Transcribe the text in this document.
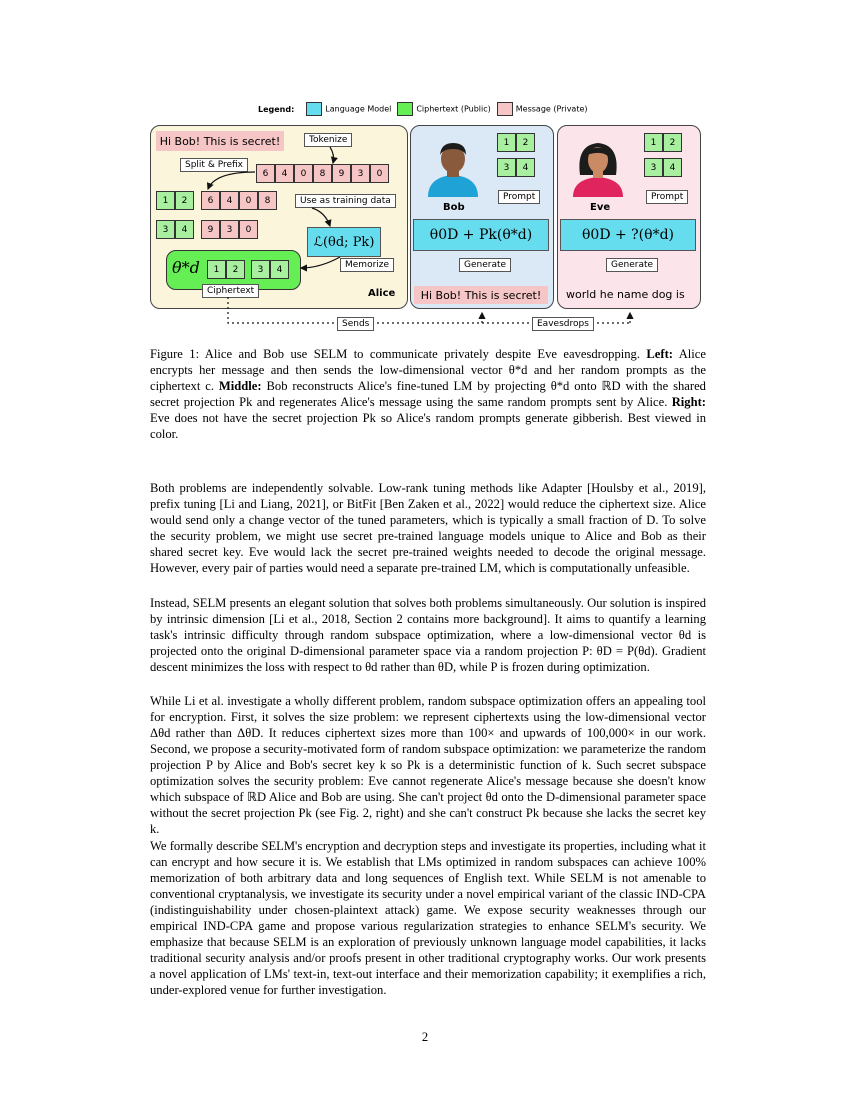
Legend:	Language Model	Ciphertext (Public)	Message (Private)
Hi Bob! This is secret!	Tokenize
Split & Prefix
6	4	0	8	9	3	0
1	2	6	4	0	8
3	4	9	3	0
Use as training data
ℒ(θd; Pk)
Memorize
θ*d	1	2	3	4
Ciphertext	Alice
Bob
1	2
3	4
Prompt
θ0D + Pk(θ*d)
Generate
Hi Bob! This is secret!
Eve
1	2
3	4
Prompt
θ0D + ?(θ*d)
Generate
world he name dog is
Sends	Eavesdrops
Figure 1: Alice and Bob use SELM to communicate privately despite Eve eavesdropping. Left: Alice encrypts her message and then sends the low-dimensional vector θ*d and her random prompts as the ciphertext c. Middle: Bob reconstructs Alice's fine-tuned LM by projecting θ*d onto ℝD with the shared secret projection Pk and regenerates Alice's message using the same random prompts sent by Alice. Right: Eve does not have the secret projection Pk so Alice's random prompts generate gibberish. Best viewed in color.

Both problems are independently solvable. Low-rank tuning methods like Adapter [Houlsby et al., 2019], prefix tuning [Li and Liang, 2021], or BitFit [Ben Zaken et al., 2022] would reduce the ciphertext size. Alice would send only a change vector of the tuned parameters, which is typically a small fraction of D. To solve the security problem, we might use secret pre-trained language models unique to Alice and Bob as their shared secret key. Eve would lack the secret pre-trained weights needed to decode the original message. However, every pair of parties would need a separate pre-trained LM, which is computationally unfeasible.

Instead, SELM presents an elegant solution that solves both problems simultaneously. Our solution is inspired by intrinsic dimension [Li et al., 2018, Section 2 contains more background]. It aims to quantify a learning task's intrinsic difficulty through random subspace optimization, where a low-dimensional vector θd is projected onto the original D-dimensional parameter space via a random projection P: θD = P(θd). Gradient descent minimizes the loss with respect to θd rather than θD, while P is frozen during optimization.

While Li et al. investigate a wholly different problem, random subspace optimization offers an appealing tool for encryption. First, it solves the size problem: we represent ciphertexts using the low-dimensional vector Δθd rather than ΔθD. It reduces ciphertext sizes more than 100× and upwards of 100,000× in our work. Second, we propose a security-motivated form of random subspace optimization: we parameterize the random projection P by Alice and Bob's secret key k so Pk is a deterministic function of k. Such secret subspace optimization solves the security problem: Eve cannot regenerate Alice's message because she doesn't know which subspace of ℝD Alice and Bob are using. She can't project θd onto the D-dimensional parameter space without the secret projection Pk (see Fig. 2, right) and she can't construct Pk because she lacks the secret key k.

We formally describe SELM's encryption and decryption steps and investigate its properties, including what it can encrypt and how secure it is. We establish that LMs optimized in random subspaces can achieve 100% memorization of both arbitrary data and long sequences of English text. While SELM is not amenable to conventional cryptanalysis, we investigate its security under a novel empirical variant of the classic IND-CPA (indistinguishability under chosen-plaintext attack) game. We expose security weaknesses through our empirical IND-CPA game and propose various regularization strategies to enhance SELM's security. We emphasize that because SELM is an exploration of previously unknown language model capabilities, it lacks traditional security analysis and/or proofs present in other traditional cryptography works. Our work presents a novel application of LMs' text-in, text-out interface and their memorization capability; it exemplifies a rich, under-explored venue for further investigation.

2
